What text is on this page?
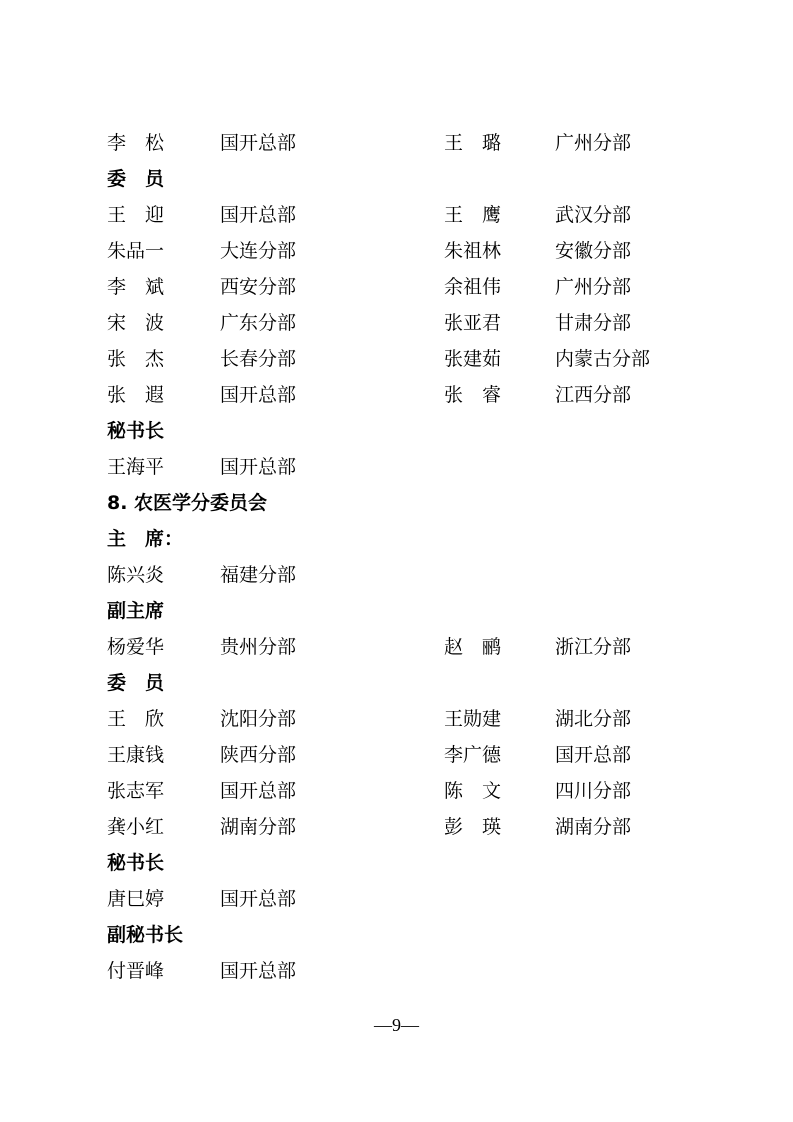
李　松	国开总部	王　璐	广州分部
委　员
王　迎	国开总部	王　鹰	武汉分部
朱品一	大连分部	朱祖林	安徽分部
李　斌	西安分部	余祖伟	广州分部
宋　波	广东分部	张亚君	甘肃分部
张　杰	长春分部	张建茹	内蒙古分部
张　遐	国开总部	张　睿	江西分部
秘书长
王海平	国开总部
8. 农医学分委员会
主　席：
陈兴炎	福建分部
副主席
杨爱华	贵州分部	赵　鹂	浙江分部
委　员
王　欣	沈阳分部	王勋建	湖北分部
王康钱	陕西分部	李广德	国开总部
张志军	国开总部	陈　文	四川分部
龚小红	湖南分部	彭　瑛	湖南分部
秘书长
唐巳婷	国开总部
副秘书长
付晋峰	国开总部
—9—
